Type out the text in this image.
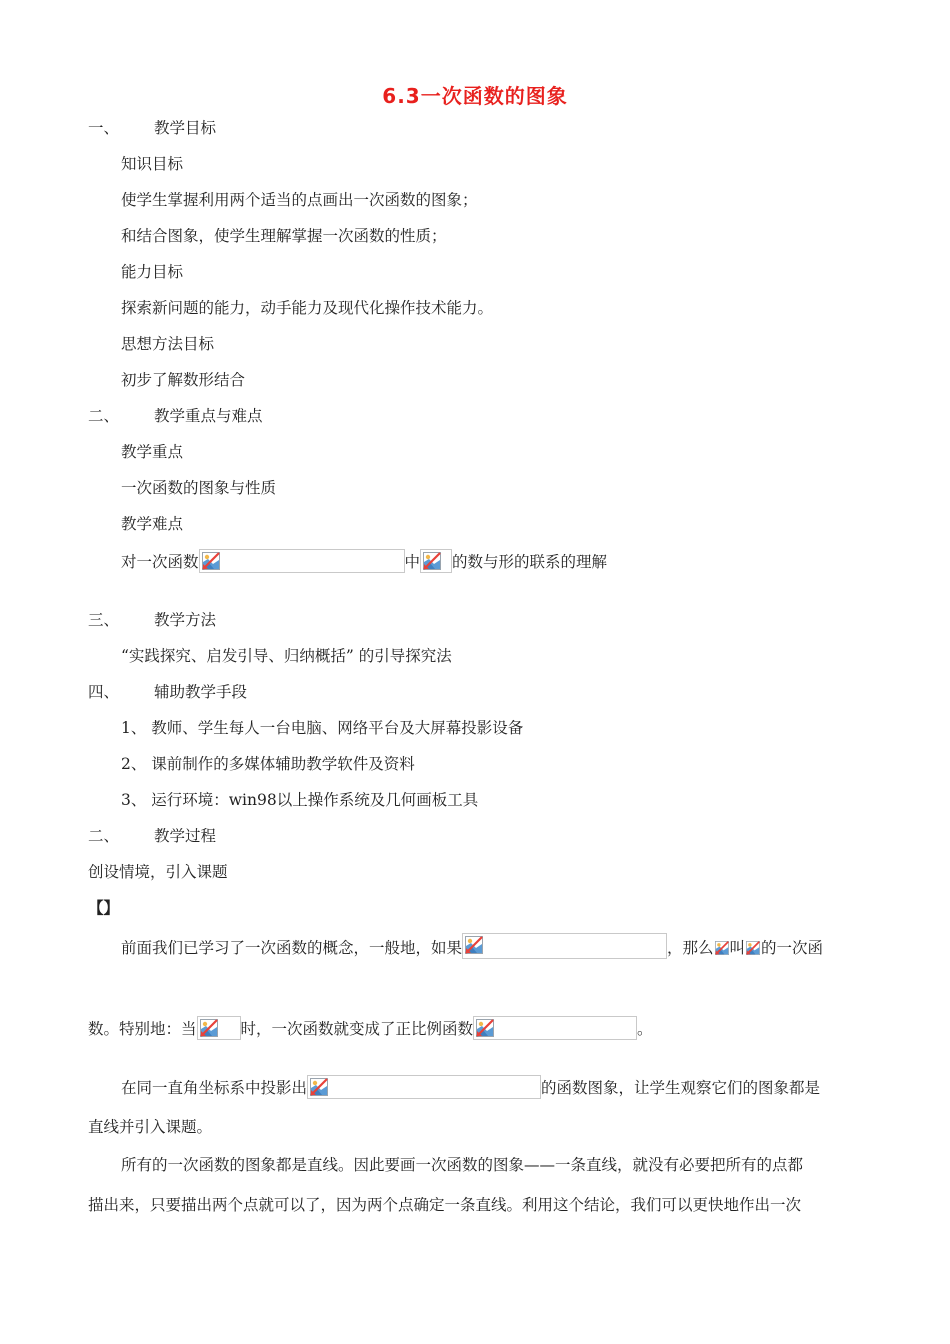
6.3一次函数的图象
一、 教学目标
知识目标
使学生掌握利用两个适当的点画出一次函数的图象；
和结合图象，使学生理解掌握一次函数的性质；
能力目标
探索新问题的能力，动手能力及现代化操作技术能力。
思想方法目标
初步了解数形结合
二、 教学重点与难点
教学重点
一次函数的图象与性质
教学难点
对一次函数	中 的数与形的联系的理解
三、 教学方法
“实践探究、启发引导、归纳概括” 的引导探究法
四、 辅助教学手段
1、 教师、学生每人一台电脑、网络平台及大屏幕投影设备
2、 课前制作的多媒体辅助教学软件及资料
3、 运行环境：win98以上操作系统及几何画板工具
二、 教学过程
创设情境，引入课题
【】
前面我们已学习了一次函数的概念，一般地，如果	，那么 叫 的一次函
数。特别地：当	时，一次函数就变成了正比例函数	。
在同一直角坐标系中投影出	的函数图象，让学生观察它们的图象都是
直线并引入课题。
所有的一次函数的图象都是直线。因此要画一次函数的图象——一条直线，就没有必要把所有的点都
描出来，只要描出两个点就可以了，因为两个点确定一条直线。利用这个结论，我们可以更快地作出一次
